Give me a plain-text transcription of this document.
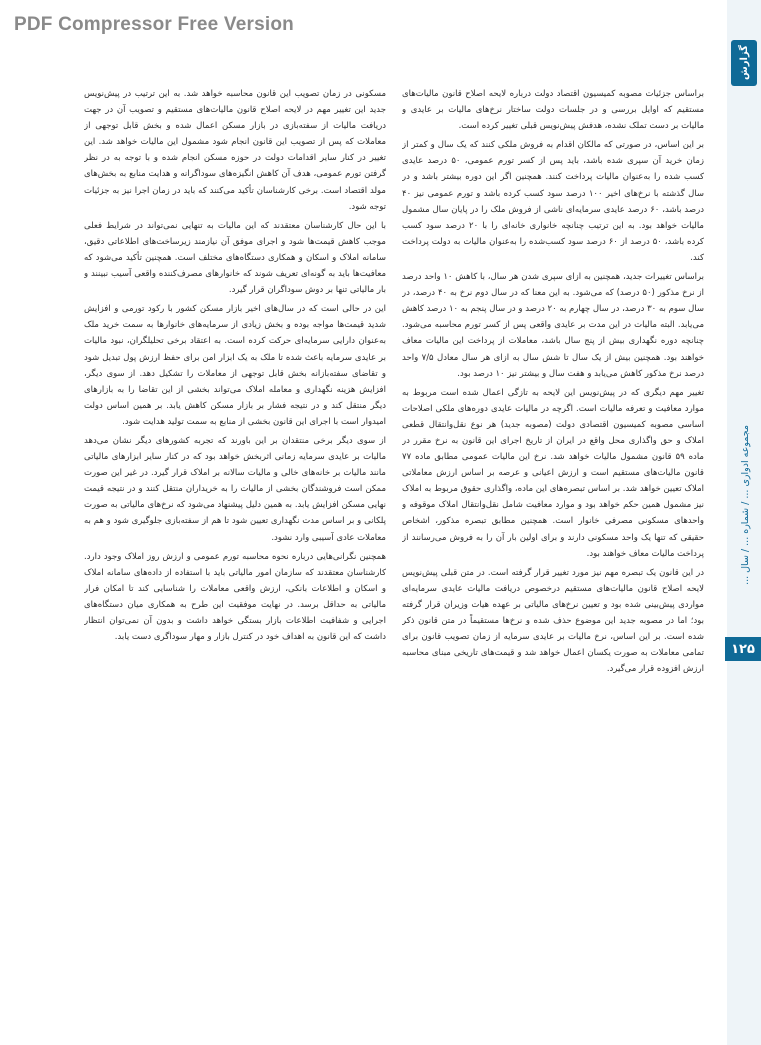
PDF Compressor Free Version
گزارش
مجموعه ادواری ... / شماره ... / سال ...
۱۲۵

براساس جزئیات مصوبه کمیسیون اقتصاد دولت درباره لایحه اصلاح قانون مالیات‌های مستقیم که اوایل بررسی و در جلسات دولت ساختار نرخ‌های مالیات بر عایدی و مالیات بر دست تملک نشده، هدفش پیش‌نویس قبلی تغییر کرده است.

بر این اساس، در صورتی که مالکان اقدام به فروش ملکی کنند که یک سال و کمتر از زمان خرید آن سپری شده باشد، باید پس از کسر تورم عمومی، ۵۰ درصد عایدی کسب شده را به‌عنوان مالیات پرداخت کنند. همچنین اگر این دوره بیشتر باشد و در سال گذشته با نرخ‌های اخیر ۱۰۰ درصد سود کسب کرده باشد و تورم عمومی نیز ۴۰ درصد باشد، ۶۰ درصد عایدی سرمایه‌ای ناشی از فروش ملک را در پایان سال مشمول مالیات خواهد بود. به این ترتیب چنانچه خانواری خانه‌ای را با ۲۰ درصد سود کسب کرده باشد، ۵۰ درصد از ۶۰ درصد سود کسب‌شده را به‌عنوان مالیات به دولت پرداخت کند.

براساس تغییرات جدید، همچنین به ازای سپری شدن هر سال، با کاهش ۱۰ واحد درصد از نرخ مذکور (۵۰ درصد) که می‌شود. به این معنا که در سال دوم نرخ به ۴۰ درصد، در سال سوم به ۳۰ درصد، در سال چهارم به ۲۰ درصد و در سال پنجم به ۱۰ درصد کاهش می‌یابد. البته مالیات در این مدت بر عایدی واقعی پس از کسر تورم محاسبه می‌شود. چنانچه دوره نگهداری بیش از پنج سال باشد، معاملات از پرداخت این مالیات معاف خواهند بود. همچنین بیش از یک سال تا شش سال به ازای هر سال معادل ۷/۵ واحد درصد نرخ مذکور کاهش می‌یابد و هفت سال و بیشتر نیز ۱۰ درصد بود.

تغییر مهم دیگری که در پیش‌نویس این لایحه به تازگی اعمال شده است مربوط به موارد معافیت و تعرفه مالیات است. اگرچه در مالیات عایدی دوره‌های ملکی اصلاحات اساسی مصوبه کمیسیون اقتصادی دولت (مصوبه جدید) هر نوع نقل‌وانتقال قطعی املاک و حق واگذاری محل واقع در ایران از تاریخ اجرای این قانون به نرخ مقرر در ماده ۵۹ قانون مشمول مالیات خواهد شد. نرخ این مالیات عمومی مطابق ماده ۷۷ قانون مالیات‌های مستقیم است و ارزش اعیانی و عرصه بر اساس ارزش معاملاتی املاک تعیین خواهد شد. بر اساس تبصره‌های این ماده، واگذاری حقوق مربوط به املاک نیز مشمول همین حکم خواهد بود و موارد معافیت شامل نقل‌وانتقال املاک موقوفه و واحدهای مسکونی مصرفی خانوار است. همچنین مطابق تبصره مذکور، اشخاص حقیقی که تنها یک واحد مسکونی دارند و برای اولین بار آن را به فروش می‌رسانند از پرداخت مالیات معاف خواهند بود.

در این قانون یک تبصره مهم نیز مورد تغییر قرار گرفته است. در متن قبلی پیش‌نویس لایحه اصلاح قانون مالیات‌های مستقیم درخصوص دریافت مالیات عایدی سرمایه‌ای مواردی پیش‌بینی شده بود و تعیین نرخ‌های مالیاتی بر عهده هیات وزیران قرار گرفته بود؛ اما در مصوبه جدید این موضوع حذف شده و نرخ‌ها مستقیماً در متن قانون ذکر شده است. بر این اساس، نرخ مالیات بر عایدی سرمایه از زمان تصویب قانون برای تمامی معاملات به صورت یکسان اعمال خواهد شد و قیمت‌های تاریخی مبنای محاسبه ارزش افزوده قرار می‌گیرد.

مسکونی در زمان تصویب این قانون محاسبه خواهد شد. به این ترتیب در پیش‌نویس جدید این تغییر مهم در لایحه اصلاح قانون مالیات‌های مستقیم و تصویب آن در جهت دریافت مالیات از سفته‌بازی در بازار مسکن اعمال شده و بخش قابل توجهی از معاملات که پس از تصویب این قانون انجام شود مشمول این مالیات خواهد شد. این تغییر در کنار سایر اقدامات دولت در حوزه مسکن انجام شده و با توجه به در نظر گرفتن تورم عمومی، هدف آن کاهش انگیزه‌های سوداگرانه و هدایت منابع به بخش‌های مولد اقتصاد است. برخی کارشناسان تأکید می‌کنند که باید در زمان اجرا نیز به جزئیات توجه شود.

با این حال کارشناسان معتقدند که این مالیات به تنهایی نمی‌تواند در شرایط فعلی موجب کاهش قیمت‌ها شود و اجرای موفق آن نیازمند زیرساخت‌های اطلاعاتی دقیق، سامانه املاک و اسکان و همکاری دستگاه‌های مختلف است. همچنین تأکید می‌شود که معافیت‌ها باید به گونه‌ای تعریف شوند که خانوارهای مصرف‌کننده واقعی آسیب نبینند و بار مالیاتی تنها بر دوش سوداگران قرار گیرد.

این در حالی است که در سال‌های اخیر بازار مسکن کشور با رکود تورمی و افزایش شدید قیمت‌ها مواجه بوده و بخش زیادی از سرمایه‌های خانوارها به سمت خرید ملک به‌عنوان دارایی سرمایه‌ای حرکت کرده است. به اعتقاد برخی تحلیلگران، نبود مالیات بر عایدی سرمایه باعث شده تا ملک به یک ابزار امن برای حفظ ارزش پول تبدیل شود و تقاضای سفته‌بازانه بخش قابل توجهی از معاملات را تشکیل دهد. از سوی دیگر، افزایش هزینه نگهداری و معامله املاک می‌تواند بخشی از این تقاضا را به بازارهای دیگر منتقل کند و در نتیجه فشار بر بازار مسکن کاهش یابد. بر همین اساس دولت امیدوار است با اجرای این قانون بخشی از منابع به سمت تولید هدایت شود.

از سوی دیگر برخی منتقدان بر این باورند که تجربه کشورهای دیگر نشان می‌دهد مالیات بر عایدی سرمایه زمانی اثربخش خواهد بود که در کنار سایر ابزارهای مالیاتی مانند مالیات بر خانه‌های خالی و مالیات سالانه بر املاک قرار گیرد. در غیر این صورت ممکن است فروشندگان بخشی از مالیات را به خریداران منتقل کنند و در نتیجه قیمت نهایی مسکن افزایش یابد. به همین دلیل پیشنهاد می‌شود که نرخ‌های مالیاتی به صورت پلکانی و بر اساس مدت نگهداری تعیین شود تا هم از سفته‌بازی جلوگیری شود و هم به معاملات عادی آسیبی وارد نشود.

همچنین نگرانی‌هایی درباره نحوه محاسبه تورم عمومی و ارزش روز املاک وجود دارد. کارشناسان معتقدند که سازمان امور مالیاتی باید با استفاده از داده‌های سامانه املاک و اسکان و اطلاعات بانکی، ارزش واقعی معاملات را شناسایی کند تا امکان فرار مالیاتی به حداقل برسد. در نهایت موفقیت این طرح به همکاری میان دستگاه‌های اجرایی و شفافیت اطلاعات بازار بستگی خواهد داشت و بدون آن نمی‌توان انتظار داشت که این قانون به اهداف خود در کنترل بازار و مهار سوداگری دست یابد.
